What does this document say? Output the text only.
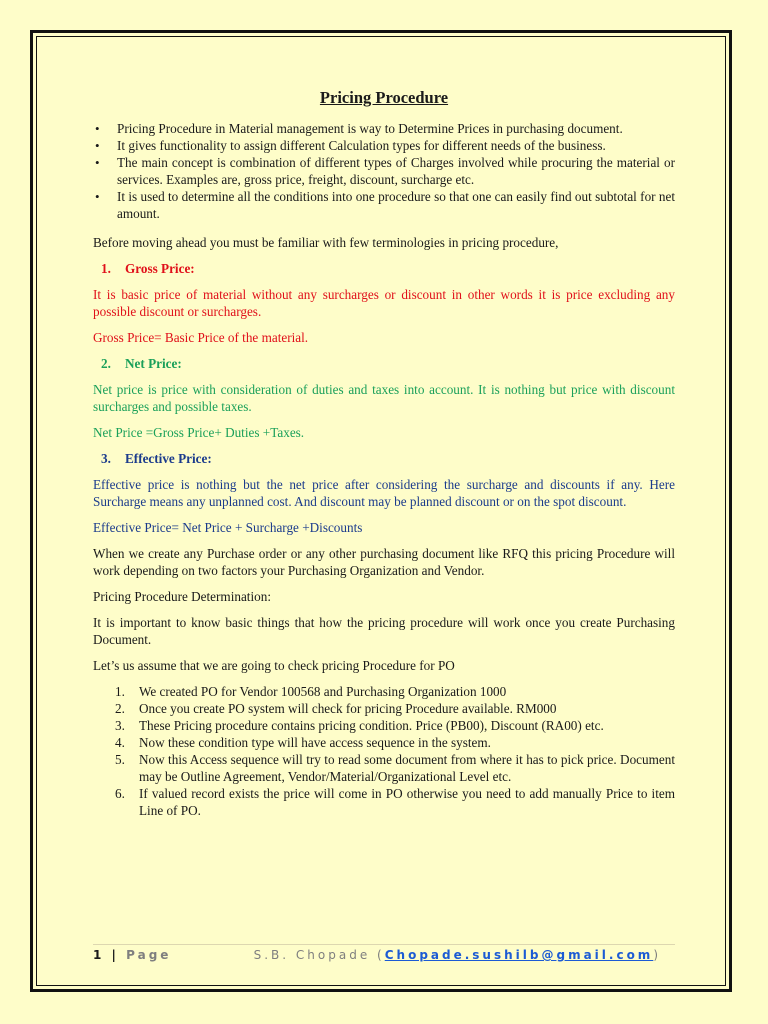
Pricing Procedure
• Pricing Procedure in Material management is way to Determine Prices in purchasing document.
• It gives functionality to assign different Calculation types for different needs of the business.
• The main concept is combination of different types of Charges involved while procuring the material or services. Examples are, gross price, freight, discount, surcharge etc.
• It is used to determine all the conditions into one procedure so that one can easily find out subtotal for net amount.

Before moving ahead you must be familiar with few terminologies in pricing procedure,

1. Gross Price:

It is basic price of material without any surcharges or discount in other words it is price excluding any possible discount or surcharges.

Gross Price= Basic Price of the material.

2. Net Price:

Net price is price with consideration of duties and taxes into account. It is nothing but price with discount surcharges and possible taxes.

Net Price =Gross Price+ Duties +Taxes.

3. Effective Price:

Effective price is nothing but the net price after considering the surcharge and discounts if any. Here Surcharge means any unplanned cost. And discount may be planned discount or on the spot discount.

Effective Price= Net Price + Surcharge +Discounts

When we create any Purchase order or any other purchasing document like RFQ this pricing Procedure will work depending on two factors your Purchasing Organization and Vendor.

Pricing Procedure Determination:

It is important to know basic things that how the pricing procedure will work once you create Purchasing Document.

Let’s us assume that we are going to check pricing Procedure for PO

1. We created PO for Vendor 100568 and Purchasing Organization 1000
2. Once you create PO system will check for pricing Procedure available. RM000
3. These Pricing procedure contains pricing condition. Price (PB00), Discount (RA00) etc.
4. Now these condition type will have access sequence in the system.
5. Now this Access sequence will try to read some document from where it has to pick price. Document may be Outline Agreement, Vendor/Material/Organizational Level etc.
6. If valued record exists the price will come in PO otherwise you need to add manually Price to item Line of PO.
1 | Page	S.B. Chopade (Chopade.sushilb@gmail.com)
